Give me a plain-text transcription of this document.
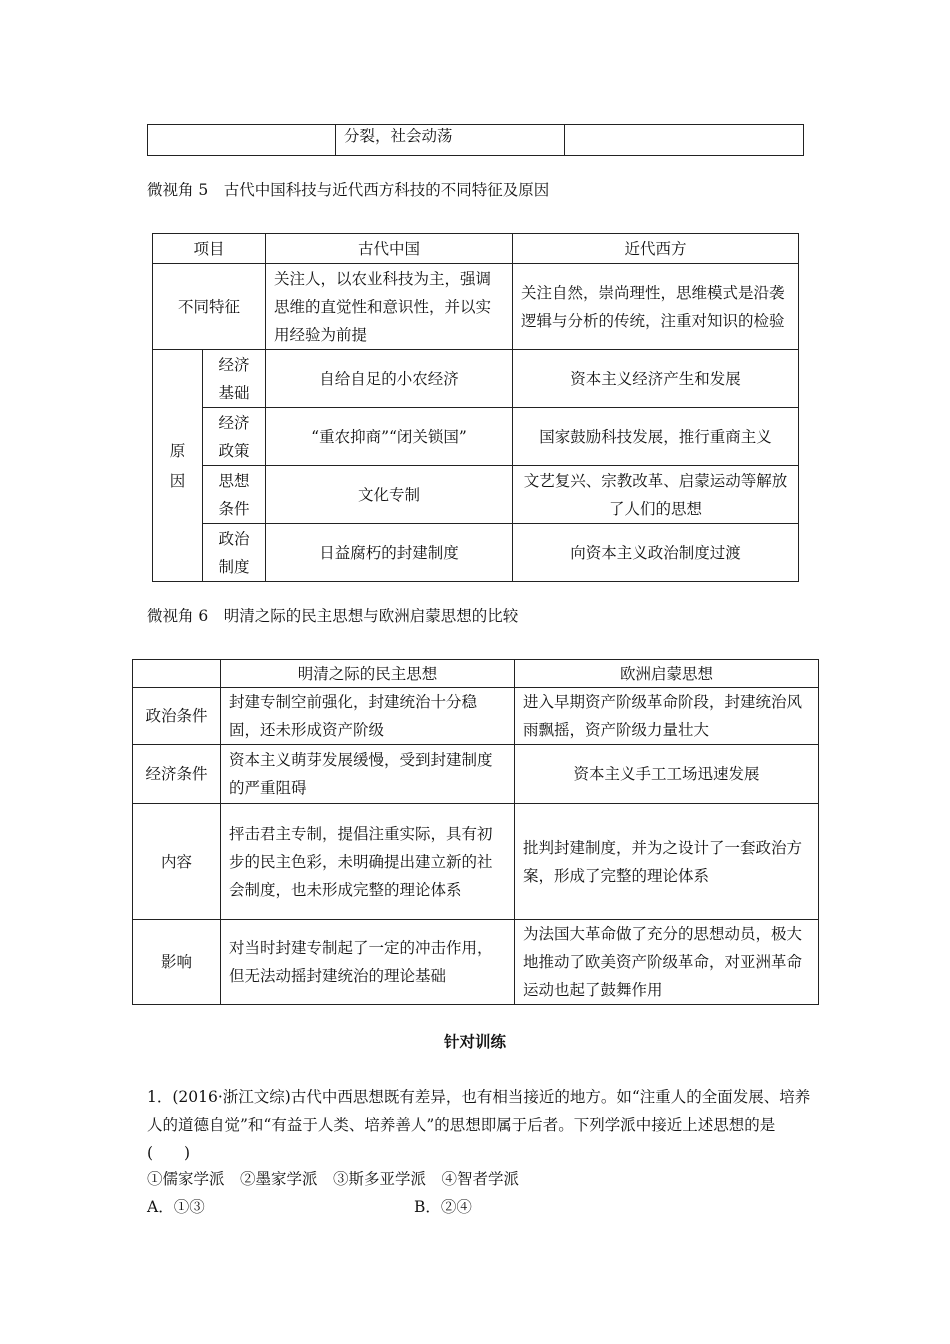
	分裂，社会动荡	
微视角 5　古代中国科技与近代西方科技的不同特征及原因
项目		古代中国	近代西方
不同特征		关注人，以农业科技为主，强调思维的直觉性和意识性，并以实用经验为前提	关注自然，崇尚理性，思维模式是沿袭逻辑与分析的传统，注重对知识的检验
原因	经济基础	自给自足的小农经济	资本主义经济产生和发展
	经济政策	“重农抑商”“闭关锁国”	国家鼓励科技发展，推行重商主义
	思想条件	文化专制	文艺复兴、宗教改革、启蒙运动等解放了人们的思想
	政治制度	日益腐朽的封建制度	向资本主义政治制度过渡
微视角 6　明清之际的民主思想与欧洲启蒙思想的比较
	明清之际的民主思想	欧洲启蒙思想
政治条件	封建专制空前强化，封建统治十分稳固，还未形成资产阶级	进入早期资产阶级革命阶段，封建统治风雨飘摇，资产阶级力量壮大
经济条件	资本主义萌芽发展缓慢，受到封建制度的严重阻碍	资本主义手工工场迅速发展
内容	抨击君主专制，提倡注重实际，具有初步的民主色彩，未明确提出建立新的社会制度，也未形成完整的理论体系	批判封建制度，并为之设计了一套政治方案，形成了完整的理论体系
影响	对当时封建专制起了一定的冲击作用，但无法动摇封建统治的理论基础	为法国大革命做了充分的思想动员，极大地推动了欧美资产阶级革命，对亚洲革命运动也起了鼓舞作用
针对训练
1．(2016·浙江文综)古代中西思想既有差异，也有相当接近的地方。如“注重人的全面发展、培养人的道德自觉”和“有益于人类、培养善人”的思想即属于后者。下列学派中接近上述思想的是(　　)
①儒家学派　②墨家学派　③斯多亚学派　④智者学派
A．①③	B．②④
